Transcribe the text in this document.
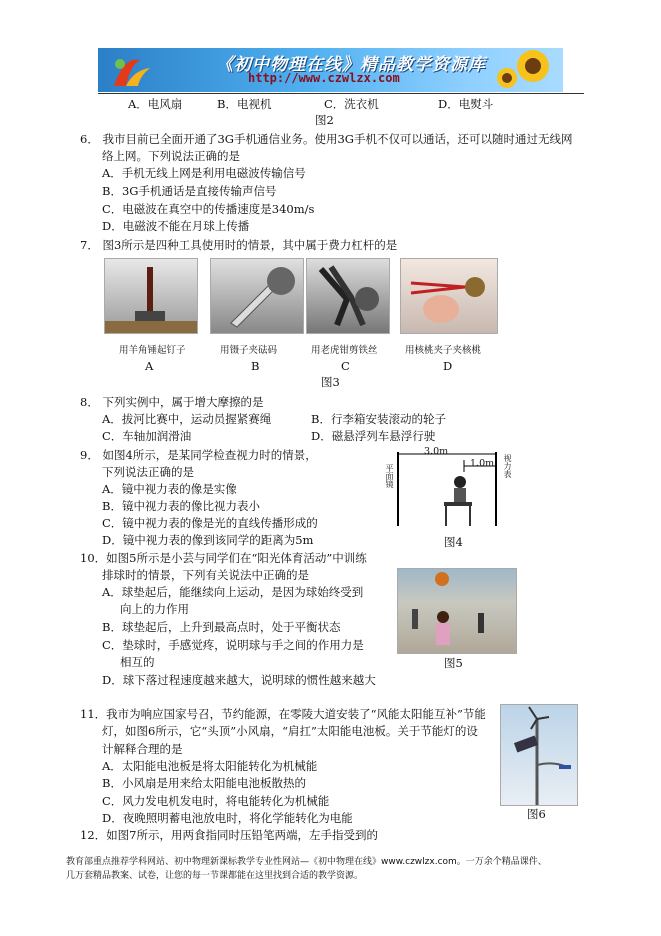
《初中物理在线》精品教学资源库
http://www.czwlzx.com
A．电风扇	B．电视机	C．洗衣机	D．电熨斗
图2
6． 我市目前已全面开通了3G手机通信业务。使用3G手机不仅可以通话，还可以随时通过无线网
络上网。下列说法正确的是
A．手机无线上网是利用电磁波传输信号
B．3G手机通话是直接传输声信号
C．电磁波在真空中的传播速度是340m/s
D．电磁波不能在月球上传播
7． 图3所示是四种工具使用时的情景，其中属于费力杠杆的是
用羊角锤起钉子	用镊子夹砝码	用老虎钳剪铁丝	用核桃夹子夹核桃
A	B	C	D
图3
8． 下列实例中，属于增大摩擦的是
A．拔河比赛中，运动员握紧赛绳	B．行李箱安装滚动的轮子
C．车轴加润滑油	D．磁悬浮列车悬浮行驶
9． 如图4所示，是某同学检查视力时的情景，
下列说法正确的是
A．镜中视力表的像是实像
B．镜中视力表的像比视力表小
C．镜中视力表的像是光的直线传播形成的
D．镜中视力表的像到该同学的距离为5m
3.0m
1.0m
平面镜	视力表
图4
10．如图5所示是小芸与同学们在“阳光体育活动”中训练
排球时的情景，下列有关说法中正确的是
A．球垫起后，能继续向上运动，是因为球始终受到
向上的力作用
B．球垫起后，上升到最高点时，处于平衡状态
C．垫球时，手感觉疼，说明球与手之间的作用力是
相互的
D．球下落过程速度越来越大，说明球的惯性越来越大
图5
11．我市为响应国家号召，节约能源，在零陵大道安装了“风能太阳能互补”节能
灯，如图6所示，它“头顶”小风扇，“肩扛”太阳能电池板。关于节能灯的设
计解释合理的是
A．太阳能电池板是将太阳能转化为机械能
B．小风扇是用来给太阳能电池板散热的
C．风力发电机发电时，将电能转化为机械能
D．夜晚照明蓄电池放电时，将化学能转化为电能	图6
12．如图7所示，用两食指同时压铅笔两端，左手指受到的
教育部重点推荐学科网站、初中物理新课标教学专业性网站—《初中物理在线》www.czwlzx.com。一万余个精品课件、
几万套精品教案、试卷，让您的每一节课都能在这里找到合适的教学资源。
